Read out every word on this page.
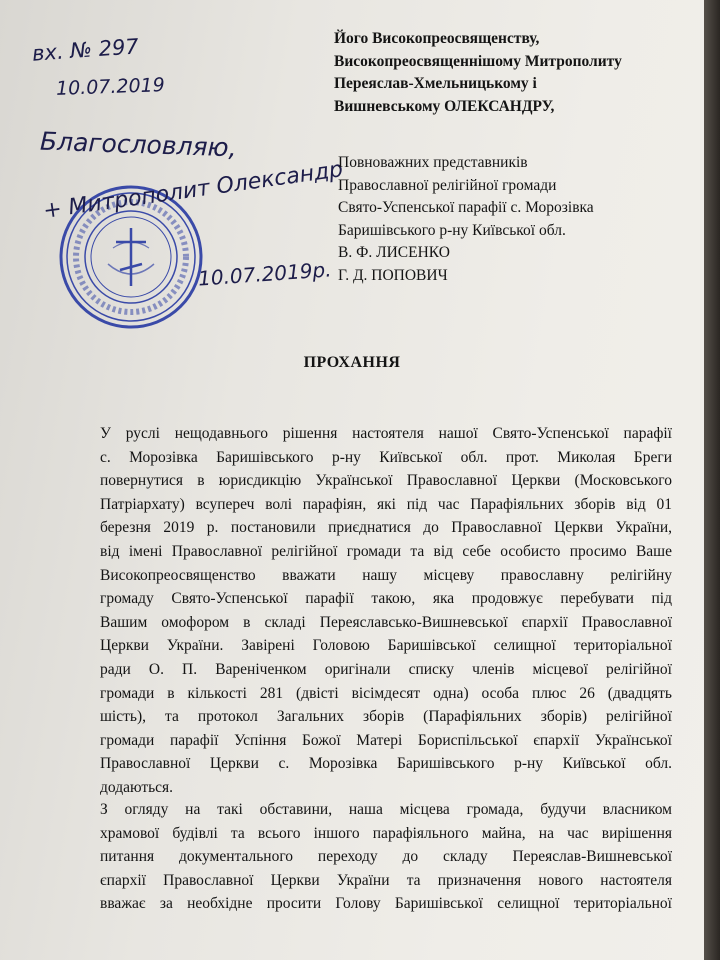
вх. № 297
10.07.2019
Благословляю,
+ Митрополит Олександр
10.07.2019р.
Його Високопреосвященству,
Високопреосвященнішому Митрополиту
Переяслав-Хмельницькому і
Вишневському ОЛЕКСАНДРУ,
Повноважних представників
Православної релігійної громади
Свято-Успенської парафії с. Морозівка
Баришівського р-ну Київської обл.
В. Ф. ЛИСЕНКО
Г. Д. ПОПОВИЧ
ПРОХАННЯ
У руслі нещодавнього рішення настоятеля нашої Свято-Успенської парафії
с. Морозівка Баришівського р-ну Київської обл. прот. Миколая Бреги
повернутися в юрисдикцію Української Православної Церкви (Московського
Патріархату) всупереч волі парафіян, які під час Парафіяльних зборів від 01
березня 2019 р. постановили приєднатися до Православної Церкви України,
від імені Православної релігійної громади та від себе особисто просимо Ваше
Високопреосвященство вважати нашу місцеву православну релігійну
громаду Свято-Успенської парафії такою, яка продовжує перебувати під
Вашим омофором в складі Переяславсько-Вишневської єпархії Православної
Церкви України. Завірені Головою Баришівської селищної територіальної
ради О. П. Вареніченком оригінали списку членів місцевої релігійної
громади в кількості 281 (двісті вісімдесят одна) особа плюс 26 (двадцять
шість), та протокол Загальних зборів (Парафіяльних зборів) релігійної
громади парафії Успіння Божої Матері Бориспільської єпархії Української
Православної Церкви с. Морозівка Баришівського р-ну Київської обл.
додаються.
З огляду на такі обставини, наша місцева громада, будучи власником
храмової будівлі та всього іншого парафіяльного майна, на час вирішення
питання документального переходу до складу Переяслав-Вишневської
єпархії Православної Церкви України та призначення нового настоятеля
вважає за необхідне просити Голову Баришівської селищної територіальної
